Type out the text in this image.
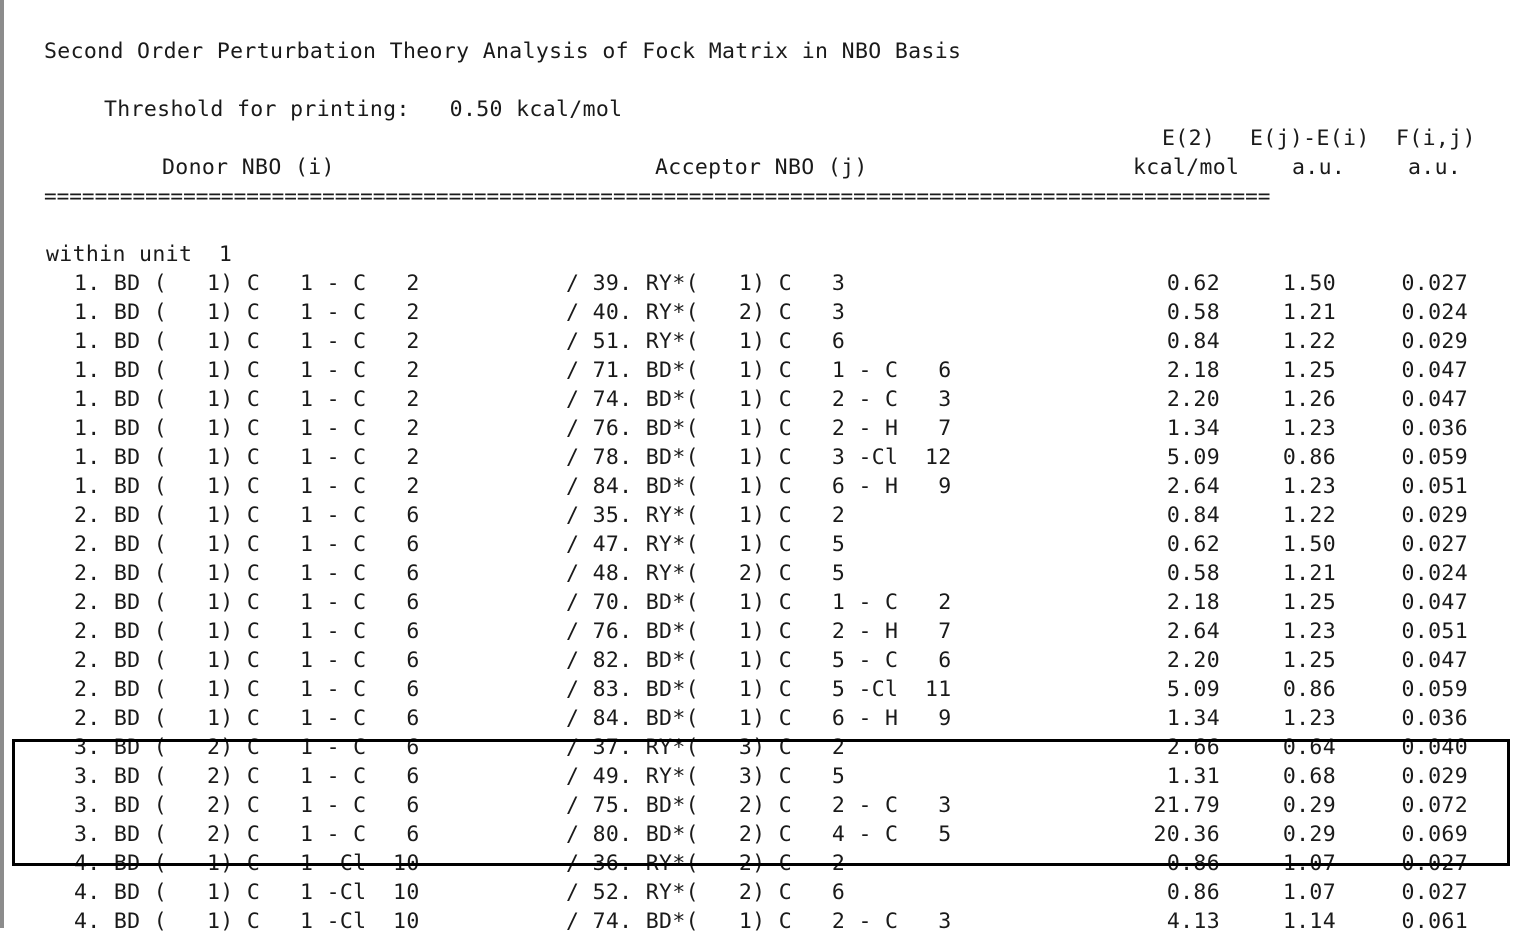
Second Order Perturbation Theory Analysis of Fock Matrix in NBO Basis
Threshold for printing:   0.50 kcal/mol
E(2) E(j)-E(i) F(i,j)
Donor NBO (i)	Acceptor NBO (j)	kcal/mol a.u.	a.u.
=================================================================================================
within unit  1
1. BD (   1) C   1 - C   2	/ 39. RY*(   1) C   3	0.62	1.50	0.027
1. BD (   1) C   1 - C   2	/ 40. RY*(   2) C   3	0.58	1.21	0.024
1. BD (   1) C   1 - C   2	/ 51. RY*(   1) C   6	0.84	1.22	0.029
1. BD (   1) C   1 - C   2	/ 71. BD*(   1) C   1 - C   6	2.18	1.25	0.047
1. BD (   1) C   1 - C   2	/ 74. BD*(   1) C   2 - C   3	2.20	1.26	0.047
1. BD (   1) C   1 - C   2	/ 76. BD*(   1) C   2 - H   7	1.34	1.23	0.036
1. BD (   1) C   1 - C   2	/ 78. BD*(   1) C   3 -Cl  12	5.09	0.86	0.059
1. BD (   1) C   1 - C   2	/ 84. BD*(   1) C   6 - H   9	2.64	1.23	0.051
2. BD (   1) C   1 - C   6	/ 35. RY*(   1) C   2	0.84	1.22	0.029
2. BD (   1) C   1 - C   6	/ 47. RY*(   1) C   5	0.62	1.50	0.027
2. BD (   1) C   1 - C   6	/ 48. RY*(   2) C   5	0.58	1.21	0.024
2. BD (   1) C   1 - C   6	/ 70. BD*(   1) C   1 - C   2	2.18	1.25	0.047
2. BD (   1) C   1 - C   6	/ 76. BD*(   1) C   2 - H   7	2.64	1.23	0.051
2. BD (   1) C   1 - C   6	/ 82. BD*(   1) C   5 - C   6	2.20	1.25	0.047
2. BD (   1) C   1 - C   6	/ 83. BD*(   1) C   5 -Cl  11	5.09	0.86	0.059
2. BD (   1) C   1 - C   6	/ 84. BD*(   1) C   6 - H   9	1.34	1.23	0.036
3. BD (   2) C   1 - C   6	/ 37. RY*(   3) C   2	2.66	0.64	0.040
3. BD (   2) C   1 - C   6	/ 49. RY*(   3) C   5	1.31	0.68	0.029
3. BD (   2) C   1 - C   6	/ 75. BD*(   2) C   2 - C   3	21.79	0.29	0.072
3. BD (   2) C   1 - C   6	/ 80. BD*(   2) C   4 - C   5	20.36	0.29	0.069
4. BD (   1) C   1 -Cl  10	/ 36. RY*(   2) C   2	0.86	1.07	0.027
4. BD (   1) C   1 -Cl  10	/ 52. RY*(   2) C   6	0.86	1.07	0.027
4. BD (   1) C   1 -Cl  10	/ 74. BD*(   1) C   2 - C   3	4.13	1.14	0.061
